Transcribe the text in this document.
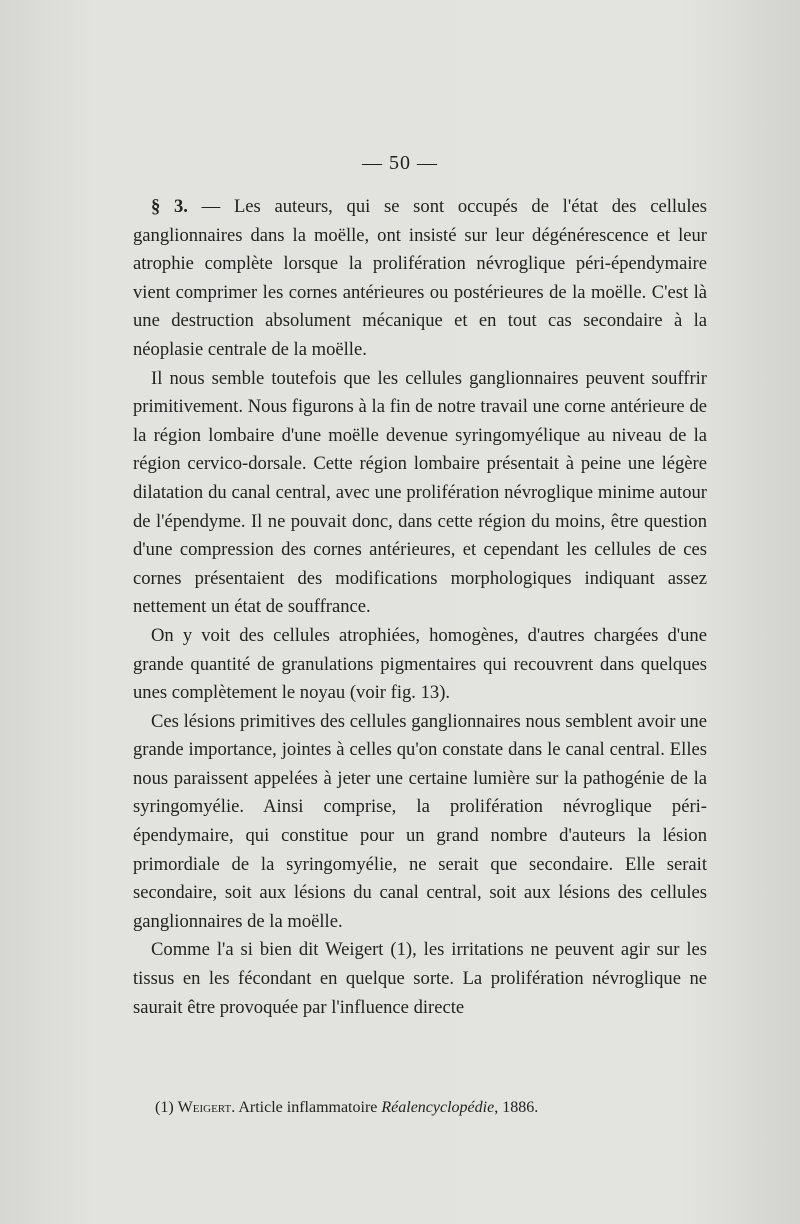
— 50 —

§ 3. — Les auteurs, qui se sont occupés de l'état des cellules ganglionnaires dans la moëlle, ont insisté sur leur dégénérescence et leur atrophie complète lorsque la prolifération névroglique péri-épendymaire vient comprimer les cornes antérieures ou postérieures de la moëlle. C'est là une destruction absolument mécanique et en tout cas secondaire à la néoplasie centrale de la moëlle.

Il nous semble toutefois que les cellules ganglionnaires peuvent souffrir primitivement. Nous figurons à la fin de notre travail une corne antérieure de la région lombaire d'une moëlle devenue syringomyélique au niveau de la région cervico-dorsale. Cette région lombaire présentait à peine une légère dilatation du canal central, avec une prolifération névroglique minime autour de l'épendyme. Il ne pouvait donc, dans cette région du moins, être question d'une compression des cornes antérieures, et cependant les cellules de ces cornes présentaient des modifications morphologiques indiquant assez nettement un état de souffrance.

On y voit des cellules atrophiées, homogènes, d'autres chargées d'une grande quantité de granulations pigmentaires qui recouvrent dans quelques unes complètement le noyau (voir fig. 13).

Ces lésions primitives des cellules ganglionnaires nous semblent avoir une grande importance, jointes à celles qu'on constate dans le canal central. Elles nous paraissent appelées à jeter une certaine lumière sur la pathogénie de la syringomyélie. Ainsi comprise, la prolifération névroglique péri-épendymaire, qui constitue pour un grand nombre d'auteurs la lésion primordiale de la syringomyélie, ne serait que secondaire. Elle serait secondaire, soit aux lésions du canal central, soit aux lésions des cellules ganglionnaires de la moëlle.

Comme l'a si bien dit Weigert (1), les irritations ne peuvent agir sur les tissus en les fécondant en quelque sorte. La prolifération névroglique ne saurait être provoquée par l'influence directe

(1) Weigert. Article inflammatoire Réalencyclopédie, 1886.
